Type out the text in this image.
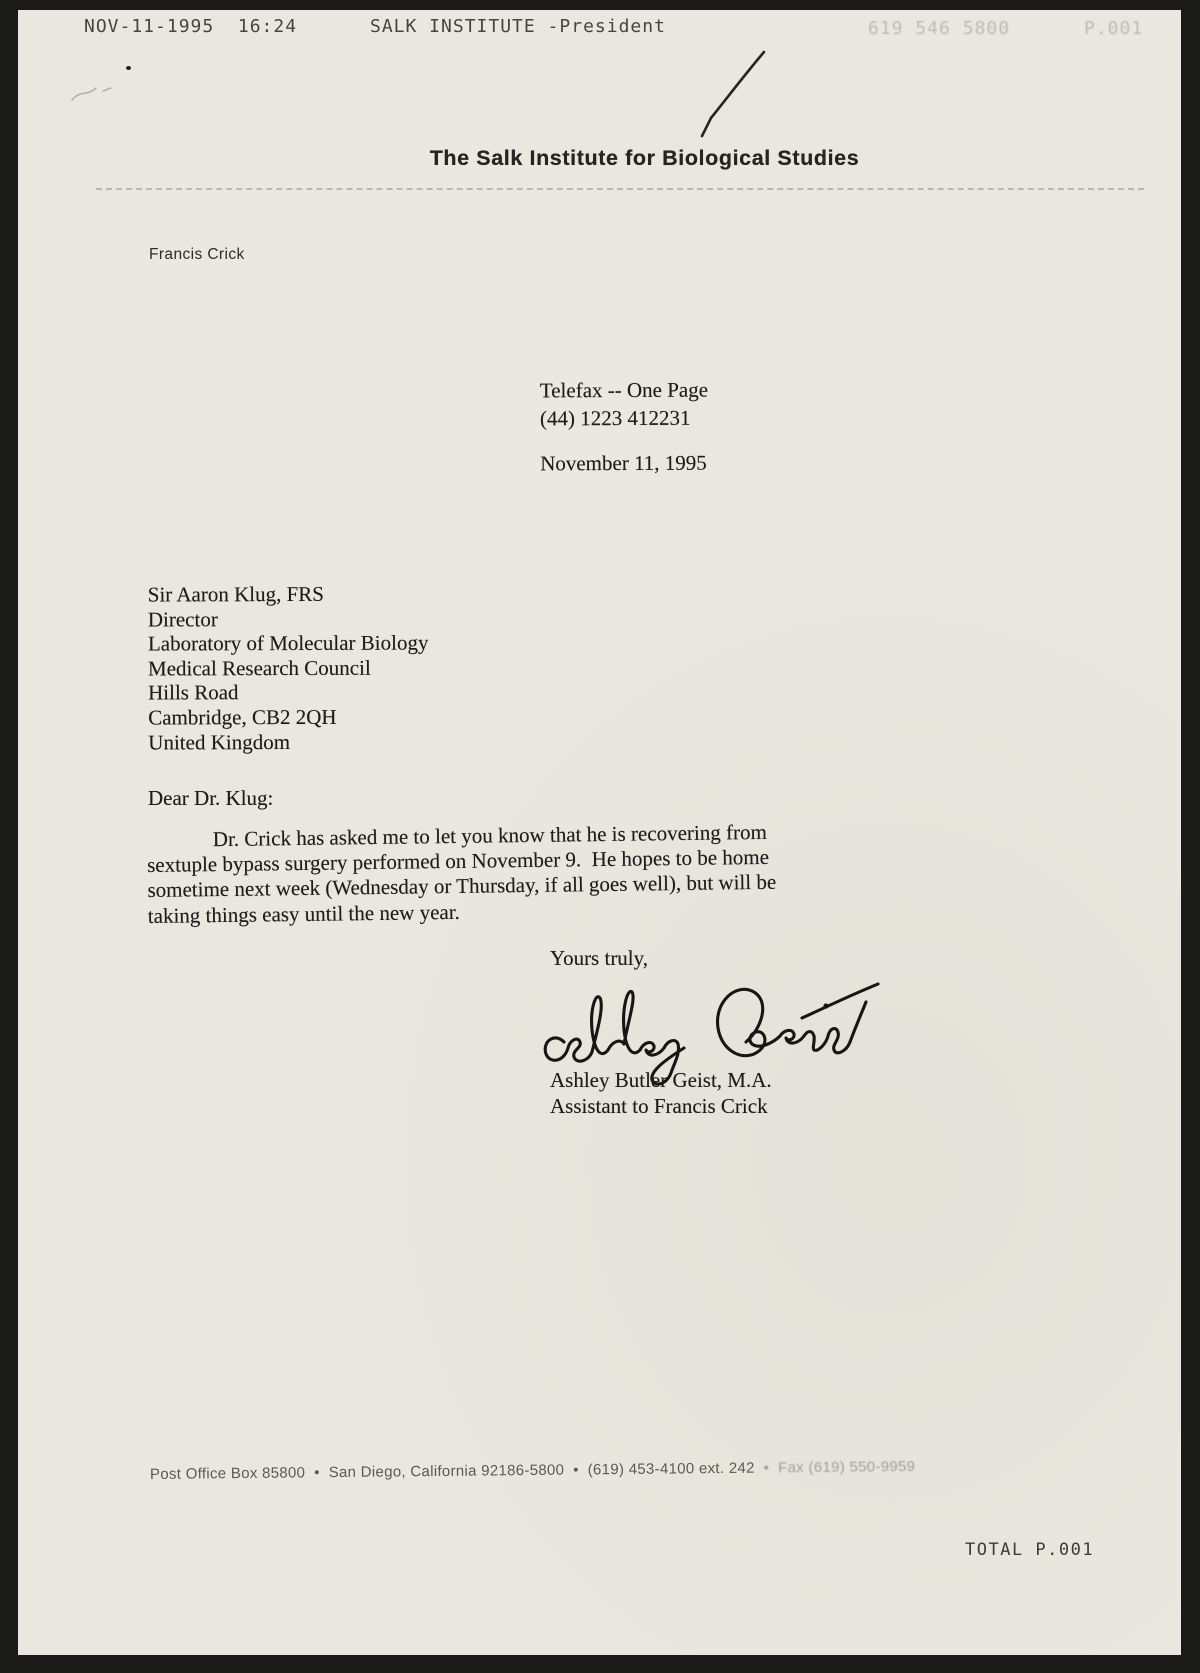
NOV-11-1995  16:24	SALK INSTITUTE -President	619 546 5800	P.001
The Salk Institute for Biological Studies
Francis Crick
Telefax -- One Page
(44) 1223 412231
November 11, 1995
Sir Aaron Klug, FRS
Director
Laboratory of Molecular Biology
Medical Research Council
Hills Road
Cambridge, CB2 2QH
United Kingdom
Dear Dr. Klug:
Dr. Crick has asked me to let you know that he is recovering from
sextuple bypass surgery performed on November 9.  He hopes to be home
sometime next week (Wednesday or Thursday, if all goes well), but will be
taking things easy until the new year.
Yours truly,
Ashley Butler Geist, M.A.
Assistant to Francis Crick
Post Office Box 85800  •  San Diego, California 92186-5800  •  (619) 453-4100 ext. 242  •  Fax (619) 550-9959
TOTAL P.001
